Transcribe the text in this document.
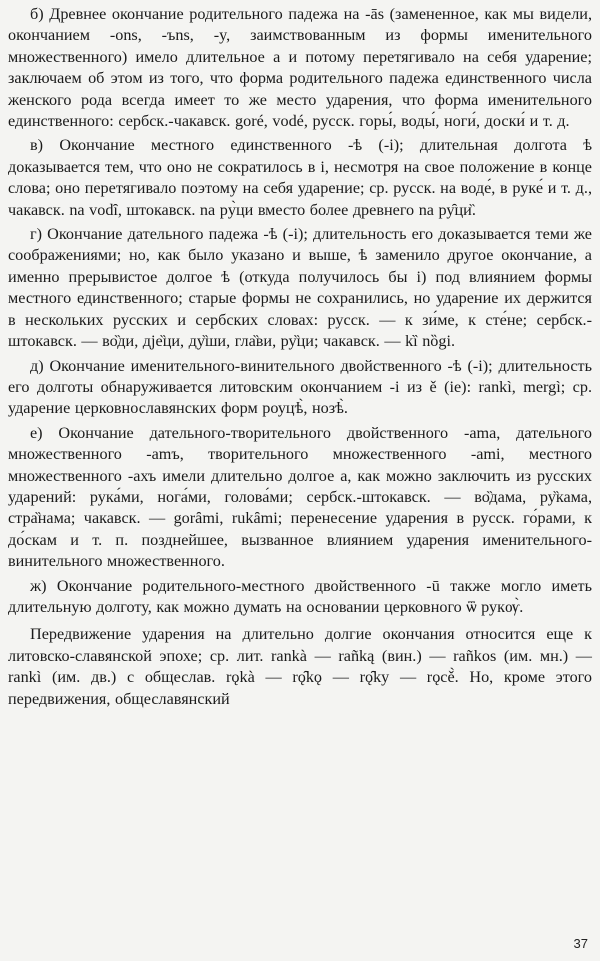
б) Древнее окончание родительного падежа на -ās (замененное, как мы видели, окончанием -ons, -ъns, -y, заимствованным из формы именительного множественного) имело длительное a и потому перетягивало на себя ударение; заключаем об этом из того, что форма родительного падежа единственного числа женского рода всегда имеет то же место ударения, что форма именительного единственного: сербск.-чакавск. goré, vodé, русск. горы́, воды́, ноги́, доски́ и т. д.

в) Окончание местного единственного -ѣ (-i); длительная долгота ѣ доказывается тем, что оно не сократилось в i, несмотря на свое положение в конце слова; оно перетягивало поэтому на себя ударение; ср. русск. на воде́, в руке́ и т. д., чакавск. na vodȋ, штокавск. na pу̀ци вместо более древнего na ру̑ци̏.

г) Окончание дательного падежа -ѣ (-i); длительность его доказывается теми же соображениями; но, как было указано и выше, ѣ заменило другое окончание, а именно прерывистое долгое ѣ (откуда получилось бы i) под влиянием формы местного единственного; старые формы не сохранились, но ударение их держится в нескольких русских и сербских словах: русск. — к зи́ме, к сте́не; сербск.-штокавск. — во̏ди, дје̏ци, ду̏ши, гла̏ви, ру̏ци; чакавск. — kȉ nȍgi.

д) Окончание именительного-винительного двойственного -ѣ (-i); длительность его долготы обнаруживается литовским окончанием -i из ě (ie): rankì, mergì; ср. ударение церковнославянских форм роуцѣ̀, нозѣ̀.

е) Окончание дательного-творительного двойственного -ama, дательного множественного -amъ, творительного множественного -ami, местного множественного -ахъ имели длительно долгое a, как можно заключить из русских ударений: рука́ми, нога́ми, голова́ми; сербск.-штокавск. — во̏дама, ру̏кама, стра̏нама; чакавск. — gorȃmi, rukȃmi; перенесение ударения в русск. го́рами, к до́скам и т. п. позднейшее, вызванное влиянием ударения именительного-винительного множественного.

ж) Окончание родительного-местного двойственного -ū также могло иметь длительную долготу, как можно думать на основании церковного ѿ рукѹ̀.

Передвижение ударения на длительно долгие окончания относится еще к литовско-славянской эпохе; ср. лит. rankà — rañką (вин.) — rañkos (им. мн.) — rankì (им. дв.) с общеслав. rǫkà — rǫ̑kǫ — rǫ̑ky — rǫcě̀. Но, кроме этого передвижения, общеславянский

37
